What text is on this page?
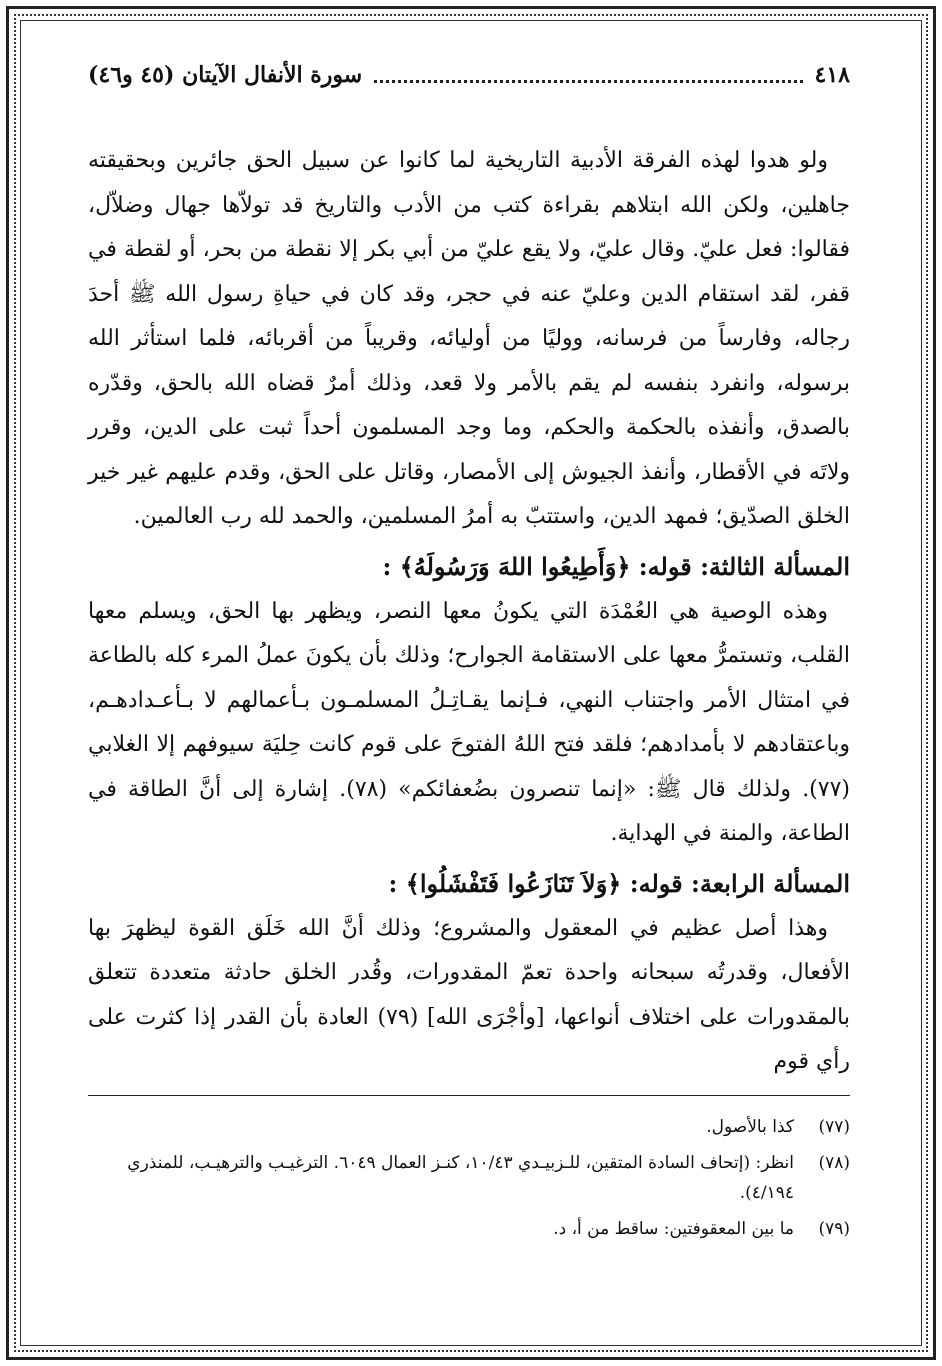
٤١٨
سورة الأنفال الآيتان (٤٥ و٤٦)

ولو هدوا لهذه الفرقة الأدبية التاريخية لما كانوا عن سبيل الحق جائرين وبحقيقته جاهلين، ولكن الله ابتلاهم بقراءة كتب من الأدب والتاريخ قد تولاّها جهال وضلاّل، فقالوا: فعل عليّ. وقال عليّ، ولا يقع عليّ من أبي بكر إلا نقطة من بحر، أو لقطة في قفر، لقد استقام الدين وعليّ عنه في حجر، وقد كان في حياةِ رسول الله ﷺ أحدَ رجاله، وفارساً من فرسانه، ووليًا من أوليائه، وقريباً من أقربائه، فلما استأثر الله برسوله، وانفرد بنفسه لم يقم بالأمر ولا قعد، وذلك أمرٌ قضاه الله بالحق، وقدّره بالصدق، وأنفذه بالحكمة والحكم، وما وجد المسلمون أحداً ثبت على الدين، وقرر ولاتَه في الأقطار، وأنفذ الجيوش إلى الأمصار، وقاتل على الحق، وقدم عليهم غير خير الخلق الصدّيق؛ فمهد الدين، واستتبّ به أمرُ المسلمين، والحمد لله رب العالمين.

المسألة الثالثة: قوله: ﴿وَأَطِيعُوا اللهَ وَرَسُولَهُ﴾ :

وهذه الوصية هي العُمْدَة التي يكونُ معها النصر، ويظهر بها الحق، ويسلم معها القلب، وتستمرُّ معها على الاستقامة الجوارح؛ وذلك بأن يكونَ عملُ المرء كله بالطاعة في امتثال الأمر واجتناب النهي، فـإنما يقـاتِـلُ المسلمـون بـأعمالهم لا بـأعـدادهـم، وباعتقادهم لا بأمدادهم؛ فلقد فتح اللهُ الفتوحَ على قوم كانت حِليَة سيوفهم إلا الغلابي (٧٧). ولذلك قال ﷺ: «إنما تنصرون بضُعفائكم» (٧٨). إشارة إلى أنَّ الطاقة في الطاعة، والمنة في الهداية.

المسألة الرابعة: قوله: ﴿وَلاَ تَنَازَعُوا فَتَفْشَلُوا﴾ :

وهذا أصل عظيم في المعقول والمشروع؛ وذلك أنَّ الله خَلَق القوة ليظهرَ بها الأفعال، وقدرتُه سبحانه واحدة تعمّ المقدورات، وقُدر الخلق حادثة متعددة تتعلق بالمقدورات على اختلاف أنواعها، [وأجْرَى الله] (٧٩) العادة بأن القدر إذا كثرت على رأي قوم

(٧٧)
كذا بالأصول.
(٧٨)
انظر: (إتحاف السادة المتقين، للـزبيـدي ١٠/٤٣، كنـز العمال ٦٠٤٩. الترغيـب والترهيـب، للمنذري ٤/١٩٤).
(٧٩)
ما بين المعقوفتين: ساقط من أ، د.
